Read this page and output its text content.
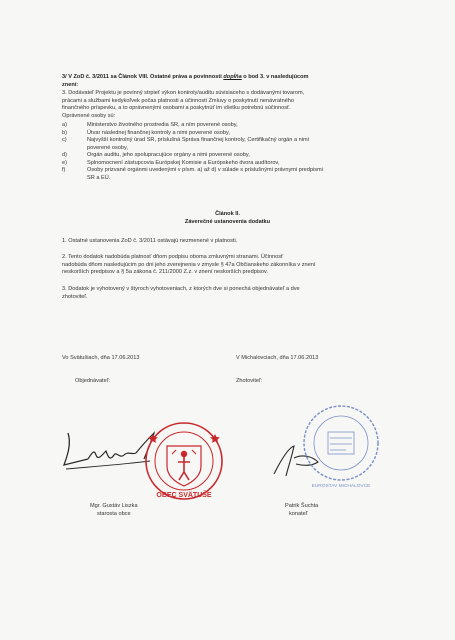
3/ V ZoD č. 3/2011 sa Článok VIII. Ostatné práva a povinnosti dopĺňa o bod 3. v nasledujúcom
znení:
3. Dodávateľ Projektu je povinný strpieť výkon kontroly/auditu súvisiaceho s dodávanými tovarom,
prácami a službami kedykoľvek počas platnosti a účinnosti Zmluvy o poskytnutí nenávratného
finančného príspevku, a to oprávnenými osobami a poskytnúť im všetku potrebnú súčinnosť.
Oprávnené osoby sú:
a)	Ministerstvo životného prostredia SR, a ním poverené osoby,
b)	Útvar následnej finančnej kontroly a nimi poverené osoby,
c)	Najvyšší kontrolný úrad SR, príslušná Správa finančnej kontroly, Certifikačný orgán a nimi
poverené osoby,
d)	Orgán auditu, jeho spolupracujúce orgány a nimi poverené osoby,
e)	Splnomocnení zástupcovia Európskej Komisie a Európskeho dvora audítorov,
f)	Osoby prizvané orgánmi uvedenými v písm. a) až d) v súlade s príslušnými právnymi predpismi
SR a EÚ.
Článok II.
Záverečné ustanovenia dodatku
1. Ostatné ustanovenia ZoD č. 3/2011 ostávajú nezmenené v platnosti.
2. Tento dodatok nadobúda platnosť dňom podpisu oboma zmluvnými stranami. Účinnosť
nadobúda dňom nasledujúcim po dni jeho zverejnenia v zmysle § 47a Občianskeho zákonníka v znení
neskorších predpisov a § 5a zákona č. 211/2000 Z.z. v znení neskorších predpisov.
3. Dodatok je vyhotovený v štyroch vyhotoveniach, z ktorých dve si ponechá objednávateľ a dve
zhotoviteľ.
Vo Svätušiach, dňa 17.06.2013	V Michalovciach, dňa 17.06.2013
Objednávateľ:	Zhotoviteľ:
OBEC SVÄTUŠE
EUROSTAV MICHALOVCE
Mgr. Gustáv Liszka
starosta obce
Patrik Šuchta
konateľ
